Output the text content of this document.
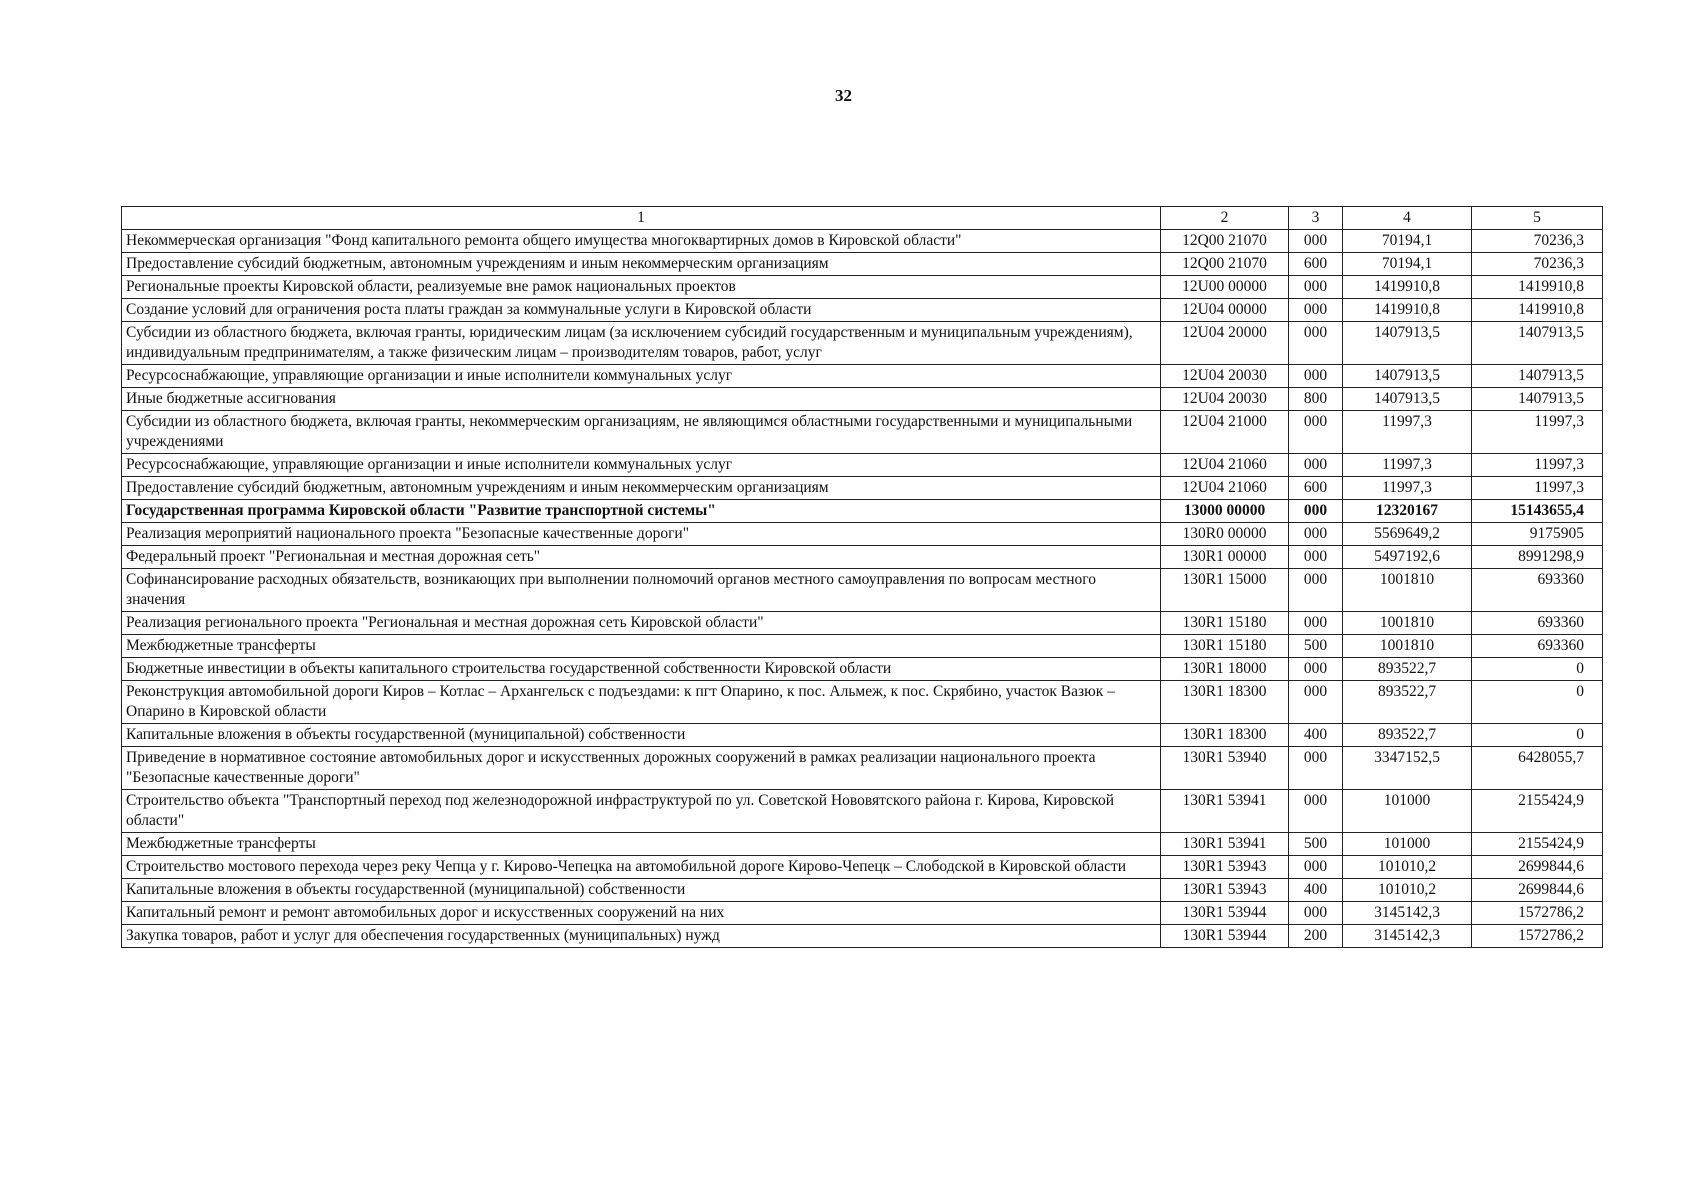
32
1	2	3	4	5
Некоммерческая организация "Фонд капитального ремонта общего имущества многоквартирных домов в Кировской области"	12Q00 21070	000	70194,1	70236,3
Предоставление субсидий бюджетным, автономным учреждениям и иным некоммерческим организациям	12Q00 21070	600	70194,1	70236,3
Региональные проекты Кировской области, реализуемые вне рамок национальных проектов	12U00 00000	000	1419910,8	1419910,8
Создание условий для ограничения роста платы граждан за коммунальные услуги в Кировской области	12U04 00000	000	1419910,8	1419910,8
Субсидии из областного бюджета, включая гранты, юридическим лицам (за исключением субсидий государственным и муниципальным учреждениям), индивидуальным предпринимателям, а также физическим лицам – производителям товаров, работ, услуг	12U04 20000	000	1407913,5	1407913,5
Ресурсоснабжающие, управляющие организации и иные исполнители коммунальных услуг	12U04 20030	000	1407913,5	1407913,5
Иные бюджетные ассигнования	12U04 20030	800	1407913,5	1407913,5
Субсидии из областного бюджета, включая гранты, некоммерческим организациям, не являющимся областными государственными и муниципальными учреждениями	12U04 21000	000	11997,3	11997,3
Ресурсоснабжающие, управляющие организации и иные исполнители коммунальных услуг	12U04 21060	000	11997,3	11997,3
Предоставление субсидий бюджетным, автономным учреждениям и иным некоммерческим организациям	12U04 21060	600	11997,3	11997,3
Государственная программа Кировской области "Развитие транспортной системы"	13000 00000	000	12320167	15143655,4
Реализация мероприятий национального проекта "Безопасные качественные дороги"	130R0 00000	000	5569649,2	9175905
Федеральный проект "Региональная и местная дорожная сеть"	130R1 00000	000	5497192,6	8991298,9
Софинансирование расходных обязательств, возникающих при выполнении полномочий органов местного самоуправления по вопросам местного значения	130R1 15000	000	1001810	693360
Реализация регионального проекта "Региональная и местная дорожная сеть Кировской области"	130R1 15180	000	1001810	693360
Межбюджетные трансферты	130R1 15180	500	1001810	693360
Бюджетные инвестиции в объекты капитального строительства государственной собственности Кировской области	130R1 18000	000	893522,7	0
Реконструкция автомобильной дороги Киров – Котлас – Архангельск с подъездами: к пгт Опарино, к пос. Альмеж, к пос. Скрябино, участок Вазюк – Опарино в Кировской области	130R1 18300	000	893522,7	0
Капитальные вложения в объекты государственной (муниципальной) собственности	130R1 18300	400	893522,7	0
Приведение в нормативное состояние автомобильных дорог и искусственных дорожных сооружений в рамках реализации национального проекта "Безопасные качественные дороги"	130R1 53940	000	3347152,5	6428055,7
Строительство объекта "Транспортный переход под железнодорожной инфраструктурой по ул. Советской Нововятского района г. Кирова, Кировской области"	130R1 53941	000	101000	2155424,9
Межбюджетные трансферты	130R1 53941	500	101000	2155424,9
Строительство мостового перехода через реку Чепца у г. Кирово-Чепецка на автомобильной дороге Кирово-Чепецк – Слободской в Кировской области	130R1 53943	000	101010,2	2699844,6
Капитальные вложения в объекты государственной (муниципальной) собственности	130R1 53943	400	101010,2	2699844,6
Капитальный ремонт и ремонт автомобильных дорог и искусственных сооружений на них	130R1 53944	000	3145142,3	1572786,2
Закупка товаров, работ и услуг для обеспечения государственных (муниципальных) нужд	130R1 53944	200	3145142,3	1572786,2
